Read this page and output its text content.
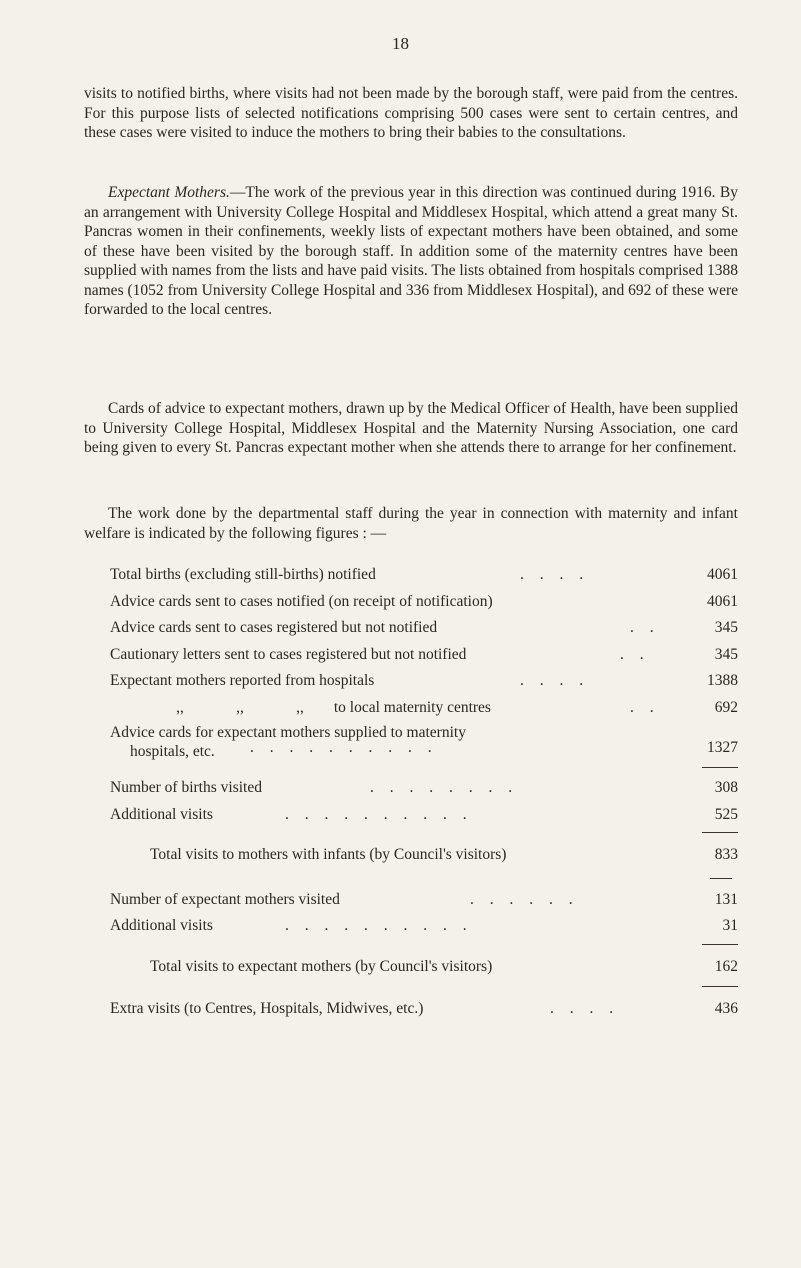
18

visits to notified births, where visits had not been made by the borough staff, were paid from the centres. For this purpose lists of selected notifications comprising 500 cases were sent to certain centres, and these cases were visited to induce the mothers to bring their babies to the consultations.

Expectant Mothers.—The work of the previous year in this direction was continued during 1916. By an arrangement with University College Hospital and Middlesex Hospital, which attend a great many St. Pancras women in their confinements, weekly lists of expectant mothers have been obtained, and some of these have been visited by the borough staff. In addition some of the maternity centres have been supplied with names from the lists and have paid visits. The lists obtained from hospitals comprised 1388 names (1052 from University College Hospital and 336 from Middlesex Hospital), and 692 of these were forwarded to the local centres.

Cards of advice to expectant mothers, drawn up by the Medical Officer of Health, have been supplied to University College Hospital, Middlesex Hospital and the Maternity Nursing Association, one card being given to every St. Pancras expectant mother when she attends there to arrange for her confinement.

The work done by the departmental staff during the year in connection with maternity and infant welfare is indicated by the following figures : —

Total births (excluding still-births) notified	. . . .	4061
Advice cards sent to cases notified (on receipt of notification)	4061
Advice cards sent to cases registered but not notified	. .	345
Cautionary letters sent to cases registered but not notified	. .	345
Expectant mothers reported from hospitals	. . . .	1388
,,	,,	,, to local maternity centres	. .	692
Advice cards for expectant mothers supplied to maternity
hospitals, etc.	. . . . . . . . . .	1327
Number of births visited	. . . . . . . .	308
Additional visits	. . . . . . . . . .	525
Total visits to mothers with infants (by Council's visitors)	833
Number of expectant mothers visited	. . . . . .	131
Additional visits	. . . . . . . . . .	31
Total visits to expectant mothers (by Council's visitors)	162
Extra visits (to Centres, Hospitals, Midwives, etc.)	. . . .	436
